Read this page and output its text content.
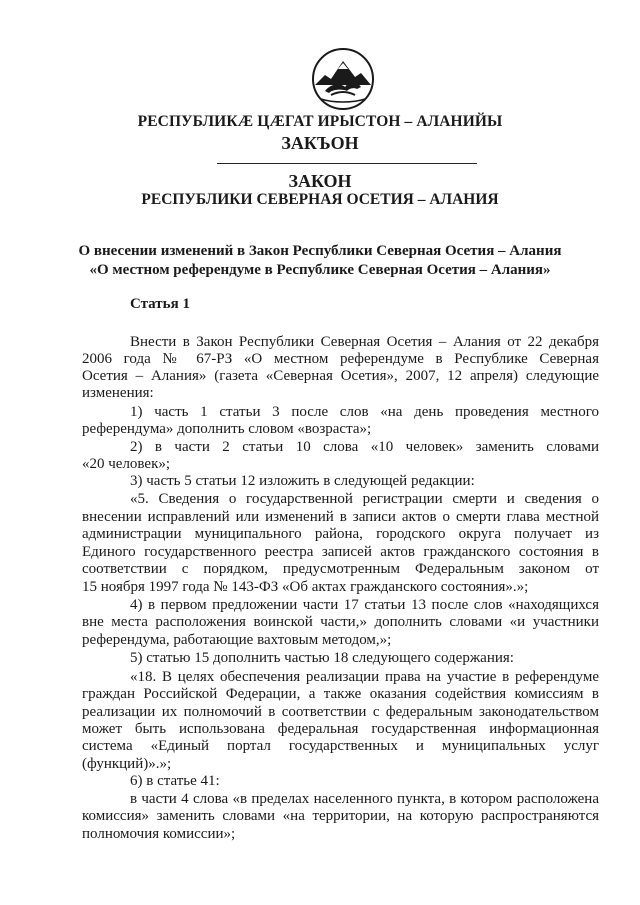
РЕСПУБЛИКÆ ЦÆГАТ ИРЫСТОН – АЛАНИЙЫ
ЗАКЪОН
ЗАКОН
РЕСПУБЛИКИ СЕВЕРНАЯ ОСЕТИЯ – АЛАНИЯ
О внесении изменений в Закон Республики Северная Осетия – Алания
«О местном референдуме в Республике Северная Осетия – Алания»
Статья 1
Внести в Закон Республики Северная Осетия – Алания от 22 декабря
2006 года № 67-РЗ «О местном референдуме в Республике Северная
Осетия – Алания» (газета «Северная Осетия», 2007, 12 апреля) следующие
изменения:
1) часть 1 статьи 3 после слов «на день проведения местного
референдума» дополнить словом «возраста»;
2) в части 2 статьи 10 слова «10 человек» заменить словами
«20 человек»;
3) часть 5 статьи 12 изложить в следующей редакции:
«5. Сведения о государственной регистрации смерти и сведения о
внесении исправлений или изменений в записи актов о смерти глава местной
администрации муниципального района, городского округа получает из
Единого государственного реестра записей актов гражданского состояния в
соответствии с порядком, предусмотренным Федеральным законом от
15 ноября 1997 года № 143-ФЗ «Об актах гражданского состояния».»;
4) в первом предложении части 17 статьи 13 после слов «находящихся
вне места расположения воинской части,» дополнить словами «и участники
референдума, работающие вахтовым методом,»;
5) статью 15 дополнить частью 18 следующего содержания:
«18. В целях обеспечения реализации права на участие в референдуме
граждан Российской Федерации, а также оказания содействия комиссиям в
реализации их полномочий в соответствии с федеральным законодательством
может быть использована федеральная государственная информационная
система «Единый портал государственных и муниципальных услуг
(функций)».»;
6) в статье 41:
в части 4 слова «в пределах населенного пункта, в котором расположена
комиссия» заменить словами «на территории, на которую распространяются
полномочия комиссии»;
